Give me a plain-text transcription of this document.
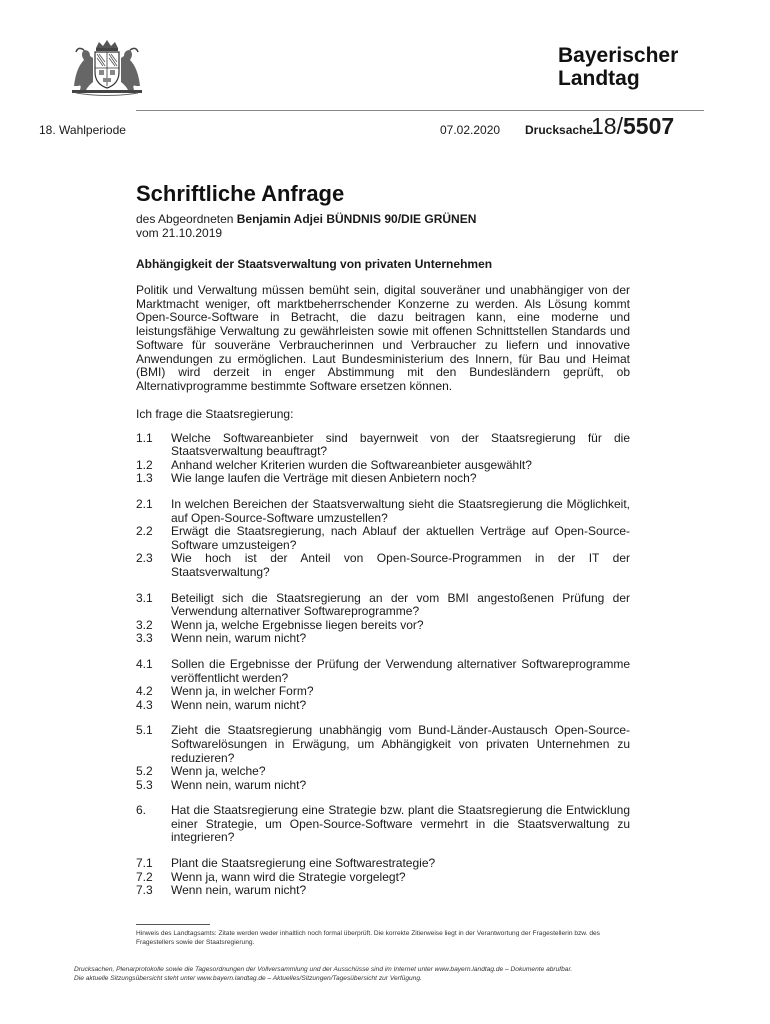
Bayerischer
Landtag
18. Wahlperiode	07.02.2020 Drucksache
18/5507
Schriftliche Anfrage
des Abgeordneten Benjamin Adjei BÜNDNIS 90/DIE GRÜNEN
vom 21.10.2019
Abhängigkeit der Staatsverwaltung von privaten Unternehmen

Politik und Verwaltung müssen bemüht sein, digital souveräner und unabhängiger von der Marktmacht weniger, oft marktbeherrschender Konzerne zu werden. Als Lösung kommt Open-Source-Software in Betracht, die dazu beitragen kann, eine moderne und leistungsfähige Verwaltung zu gewährleisten sowie mit offenen Schnittstellen Standards und Software für souveräne Verbraucherinnen und Verbraucher zu liefern und innovative Anwendungen zu ermöglichen. Laut Bundesministerium des Innern, für Bau und Heimat (BMI) wird derzeit in enger Abstimmung mit den Bundesländern geprüft, ob Alternativprogramme bestimmte Software ersetzen können.

Ich frage die Staatsregierung:

1.1	Welche Softwareanbieter sind bayernweit von der Staatsregierung für die Staatsverwaltung beauftragt?
1.2	Anhand welcher Kriterien wurden die Softwareanbieter ausgewählt?
1.3	Wie lange laufen die Verträge mit diesen Anbietern noch?
2.1	In welchen Bereichen der Staatsverwaltung sieht die Staatsregierung die Möglichkeit, auf Open-Source-Software umzustellen?
2.2	Erwägt die Staatsregierung, nach Ablauf der aktuellen Verträge auf Open-Source-Software umzusteigen?
2.3	Wie hoch ist der Anteil von Open-Source-Programmen in der IT der Staatsverwaltung?
3.1	Beteiligt sich die Staatsregierung an der vom BMI angestoßenen Prüfung der Verwendung alternativer Softwareprogramme?
3.2	Wenn ja, welche Ergebnisse liegen bereits vor?
3.3	Wenn nein, warum nicht?
4.1	Sollen die Ergebnisse der Prüfung der Verwendung alternativer Softwareprogramme veröffentlicht werden?
4.2	Wenn ja, in welcher Form?
4.3	Wenn nein, warum nicht?
5.1	Zieht die Staatsregierung unabhängig vom Bund-Länder-Austausch Open-Source-Softwarelösungen in Erwägung, um Abhängigkeit von privaten Unternehmen zu reduzieren?
5.2	Wenn ja, welche?
5.3	Wenn nein, warum nicht?
6.	Hat die Staatsregierung eine Strategie bzw. plant die Staatsregierung die Entwicklung einer Strategie, um Open-Source-Software vermehrt in die Staatsverwaltung zu integrieren?
7.1	Plant die Staatsregierung eine Softwarestrategie?
7.2	Wenn ja, wann wird die Strategie vorgelegt?
7.3	Wenn nein, warum nicht?
Hinweis des Landtagsamts: Zitate werden weder inhaltlich noch formal überprüft. Die korrekte Zitierweise liegt in der Verantwortung der Fragestellerin bzw. des Fragestellers sowie der Staatsregierung.
Drucksachen, Plenarprotokolle sowie die Tagesordnungen der Vollversammlung und der Ausschüsse sind im Internet unter www.bayern.landtag.de – Dokumente abrufbar.
Die aktuelle Sitzungsübersicht steht unter www.bayern.landtag.de – Aktuelles/Sitzungen/Tagesübersicht zur Verfügung.
